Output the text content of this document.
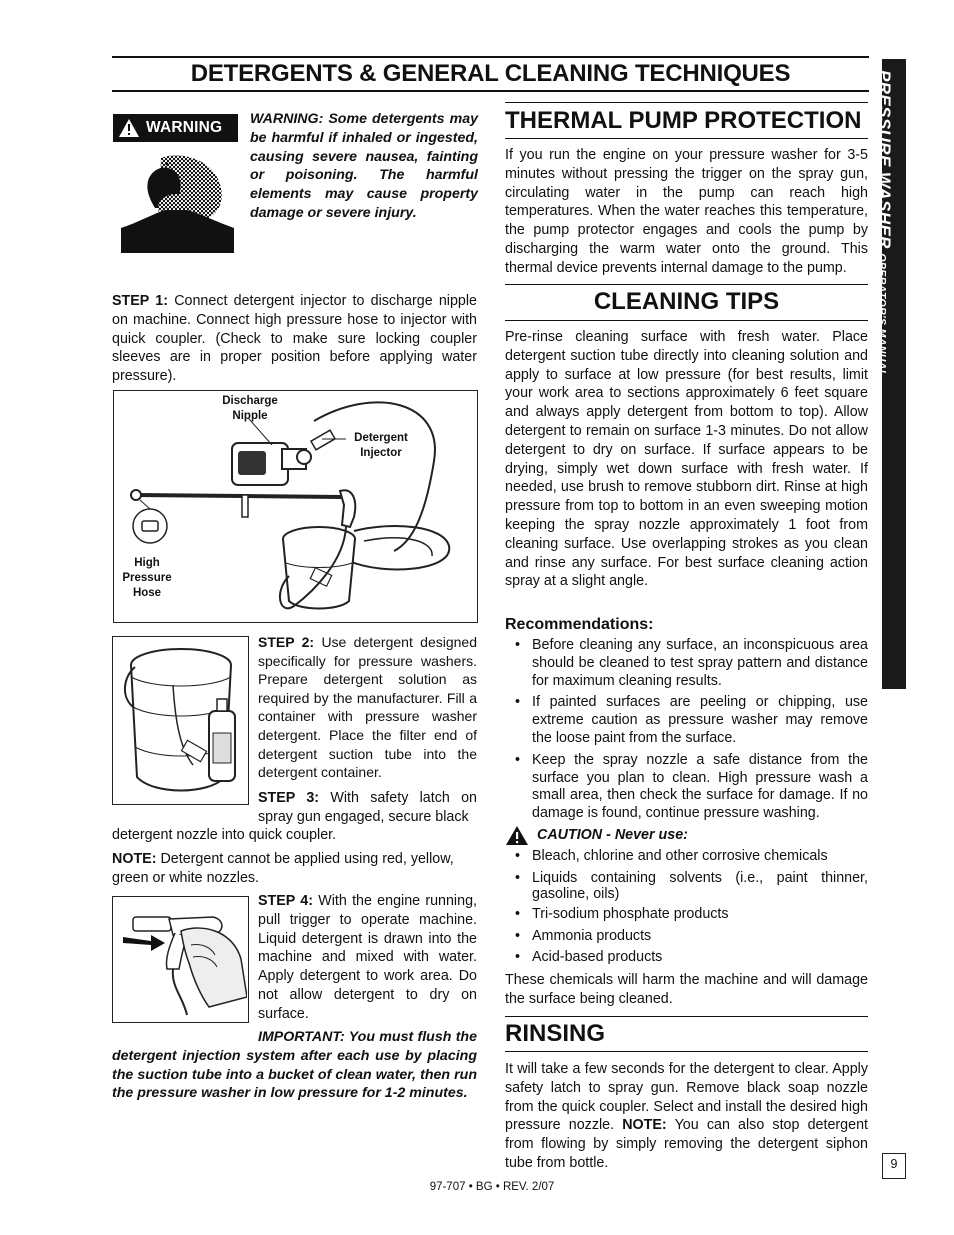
DETERGENTS & GENERAL CLEANING TECHNIQUES	PRESSURE WASHER OPERATOR'S MANUAL
9
WARNING WARNING: Some detergents may be harmful if inhaled or ingested, causing severe nausea, fainting or poisoning. The harmful elements may cause property damage or severe injury.
STEP 1: Connect detergent injector to discharge nipple on machine. Connect high pressure hose to injector with quick coupler. (Check to make sure locking coupler sleeves are in proper position before applying water pressure).
Discharge Nipple
Detergent Injector
High Pressure Hose
STEP 2: Use detergent designed specifically for pressure washers. Prepare detergent solution as required by the manufacturer. Fill a container with pressure washer detergent. Place the filter end of detergent suction tube into the detergent container.
STEP 3: With safety latch on spray gun engaged, secure black
detergent nozzle into quick coupler.
NOTE: Detergent cannot be applied using red, yellow, green or white nozzles.
STEP 4: With the engine running, pull trigger to operate machine. Liquid detergent is drawn into the machine and mixed with water. Apply detergent to work area. Do not allow detergent to dry on surface.
IMPORTANT: You must flush the detergent injection system after each use by placing the suction tube into a bucket of clean water, then run the pressure washer in low pressure for 1-2 minutes.
THERMAL PUMP PROTECTION
If you run the engine on your pressure washer for 3-5 minutes without pressing the trigger on the spray gun, circulating water in the pump can reach high temperatures. When the water reaches this temperature, the pump protector engages and cools the pump by discharging the warm water onto the ground. This thermal device prevents internal damage to the pump.
CLEANING TIPS
Pre-rinse cleaning surface with fresh water. Place detergent suction tube directly into cleaning solution and apply to surface at low pressure (for best results, limit your work area to sections approximately 6 feet square and always apply detergent from bottom to top). Allow detergent to remain on surface 1-3 minutes. Do not allow detergent to dry on surface. If surface appears to be drying, simply wet down surface with fresh water. If needed, use brush to remove stubborn dirt. Rinse at high pressure from top to bottom in an even sweeping motion keeping the spray nozzle approximately 1 foot from cleaning surface. Use overlapping strokes as you clean and rinse any surface. For best surface cleaning action spray at a slight angle.
Recommendations:
• Before cleaning any surface, an inconspicuous area should be cleaned to test spray pattern and distance for maximum cleaning results.
• If painted surfaces are peeling or chipping, use extreme caution as pressure washer may remove the loose paint from the surface.
• Keep the spray nozzle a safe distance from the surface you plan to clean. High pressure wash a small area, then check the surface for damage. If no damage is found, continue pressure washing.
CAUTION - Never use:
• Bleach, chlorine and other corrosive chemicals
• Liquids containing solvents (i.e., paint thinner, gasoline, oils)
• Tri-sodium phosphate products
• Ammonia products
• Acid-based products
These chemicals will harm the machine and will damage the surface being cleaned.
RINSING
It will take a few seconds for the detergent to clear. Apply safety latch to spray gun. Remove black soap nozzle from the quick coupler. Select and install the desired high pressure nozzle. NOTE: You can also stop detergent from flowing by simply removing the detergent siphon tube from bottle.
97-707 • BG • REV. 2/07
